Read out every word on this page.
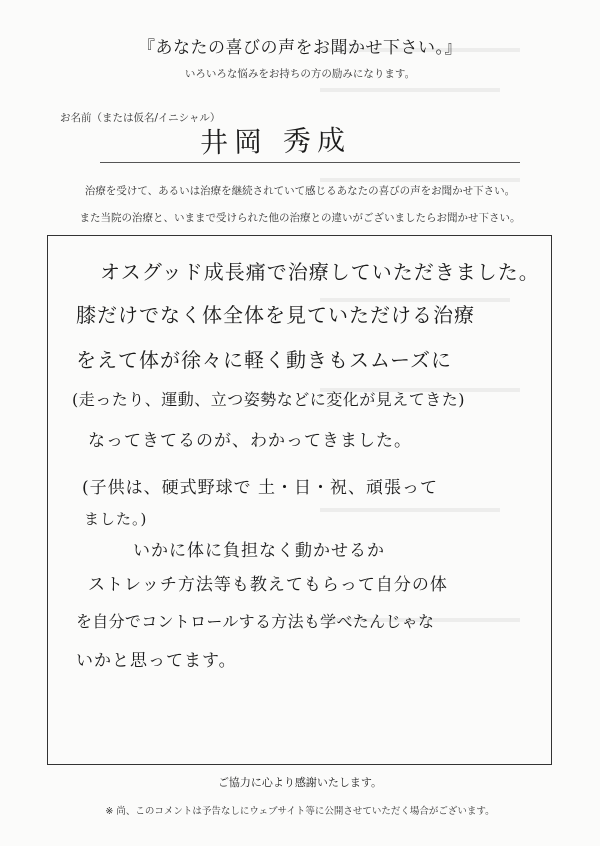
『あなたの喜びの声をお聞かせ下さい。』
いろいろな悩みをお持ちの方の励みになります。
お名前（または仮名/イニシャル）
井岡 秀成
治療を受けて、あるいは治療を継続されていて感じるあなたの喜びの声をお聞かせ下さい。
また当院の治療と、いままで受けられた他の治療との違いがございましたらお聞かせ下さい。
オスグッド成長痛で治療していただきました。
膝だけでなく体全体を見ていただける治療
をえて体が徐々に軽く動きもスムーズに
(走ったり、運動、立つ姿勢などに変化が見えてきた)
なってきてるのが、わかってきました。
(子供は、硬式野球で 土・日・祝、頑張って
ました。)
いかに体に負担なく動かせるか
ストレッチ方法等も教えてもらって自分の体
を自分でコントロールする方法も学べたんじゃな
いかと思ってます。
ご協力に心より感謝いたします。
※ 尚、このコメントは予告なしにウェブサイト等に公開させていただく場合がございます。
